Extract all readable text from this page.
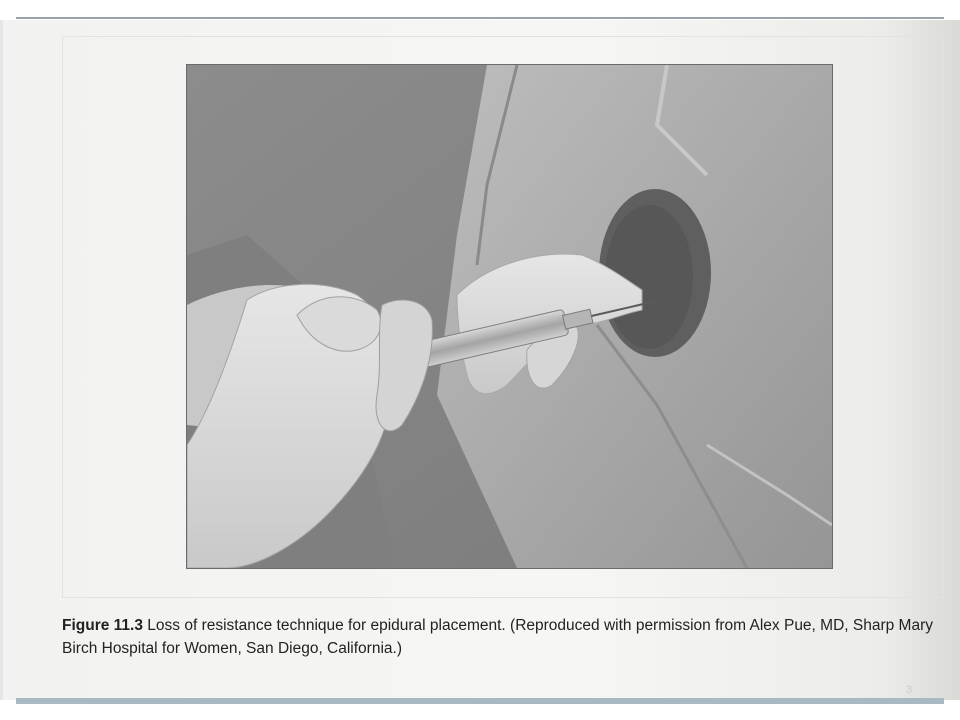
Figure 11.3 Loss of resistance technique for epidural placement. (Reproduced with permission from Alex Pue, MD, Sharp Mary Birch Hospital for Women, San Diego, California.)
3
